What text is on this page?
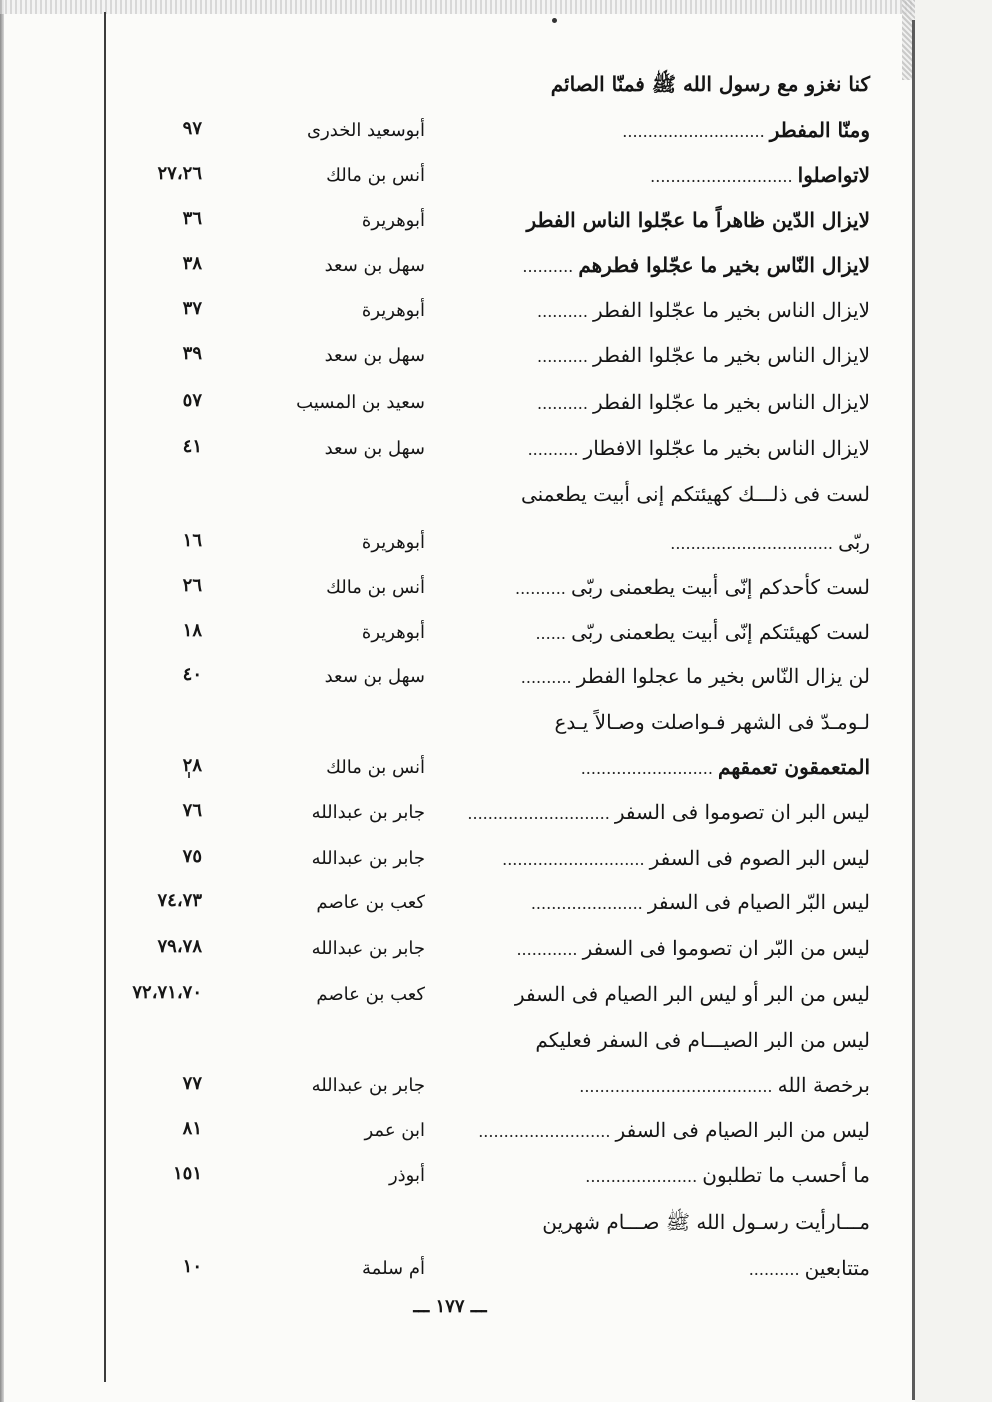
كنا نغزو مع رسول الله ﷺ فمنّا الصائم
ومنّا المفطر ............................
أبوسعيد الخدرى
٩٧
لاتواصلوا ............................
أنس بن مالك
٢٧،٢٦
لايزال الدّين ظاهراً ما عجّلوا الناس الفطر
أبوهريرة
٣٦
لايزال النّاس بخير ما عجّلوا فطرهم ..........
سهل بن سعد
٣٨
لايزال الناس بخير ما عجّلوا الفطر ..........
أبوهريرة
٣٧
لايزال الناس بخير ما عجّلوا الفطر ..........
سهل بن سعد
٣٩
لايزال الناس بخير ما عجّلوا الفطر ..........
سعيد بن المسيب
٥٧
لايزال الناس بخير ما عجّلوا الافطار ..........
سهل بن سعد
٤١
لست فى ذلـــك كهيئتكم إنى أبيت يطعمنى
ربّى ................................
أبوهريرة
١٦
لست كأحدكم إنّى أبيت يطعمنى ربّى ..........
أنس بن مالك
٢٦
لست كهيئتكم إنّى أبيت يطعمنى ربّى ......
أبوهريرة
١٨
لن يزال النّاس بخير ما عجلوا الفطر ..........
سهل بن سعد
٤٠
لـومـدّ فى الشهر فـواصلت وصـالاً يـدع
المتعمقون تعمقهم ..........................
أنس بن مالك
٢٨
ليس البر ان تصوموا فى السفر ............................
جابر بن عبدالله
٧٦
ليس البر الصوم فى السفر ............................
جابر بن عبدالله
٧٥
ليس البّر الصيام فى السفر ......................
كعب بن عاصم
٧٤،٧٣
ليس من البّر ان تصوموا فى السفر ............
جابر بن عبدالله
٧٩،٧٨
ليس من البر أو ليس البر الصيام فى السفر
كعب بن عاصم
٧٢،٧١،٧٠
ليس من البر الصيـــام فى السفر فعليكم
برخصة الله ......................................
جابر بن عبدالله
٧٧
ليس من البر الصيام فى السفر ..........................
ابن عمر
٨١
ما أحسب ما تطلبون ......................
أبوذر
١٥١
مـــارأيت رسـول الله ﷺ صـــام شهرين
متتابعين ..........
أم سلمة
١٠
ـــ ١٧٧ ـــ
